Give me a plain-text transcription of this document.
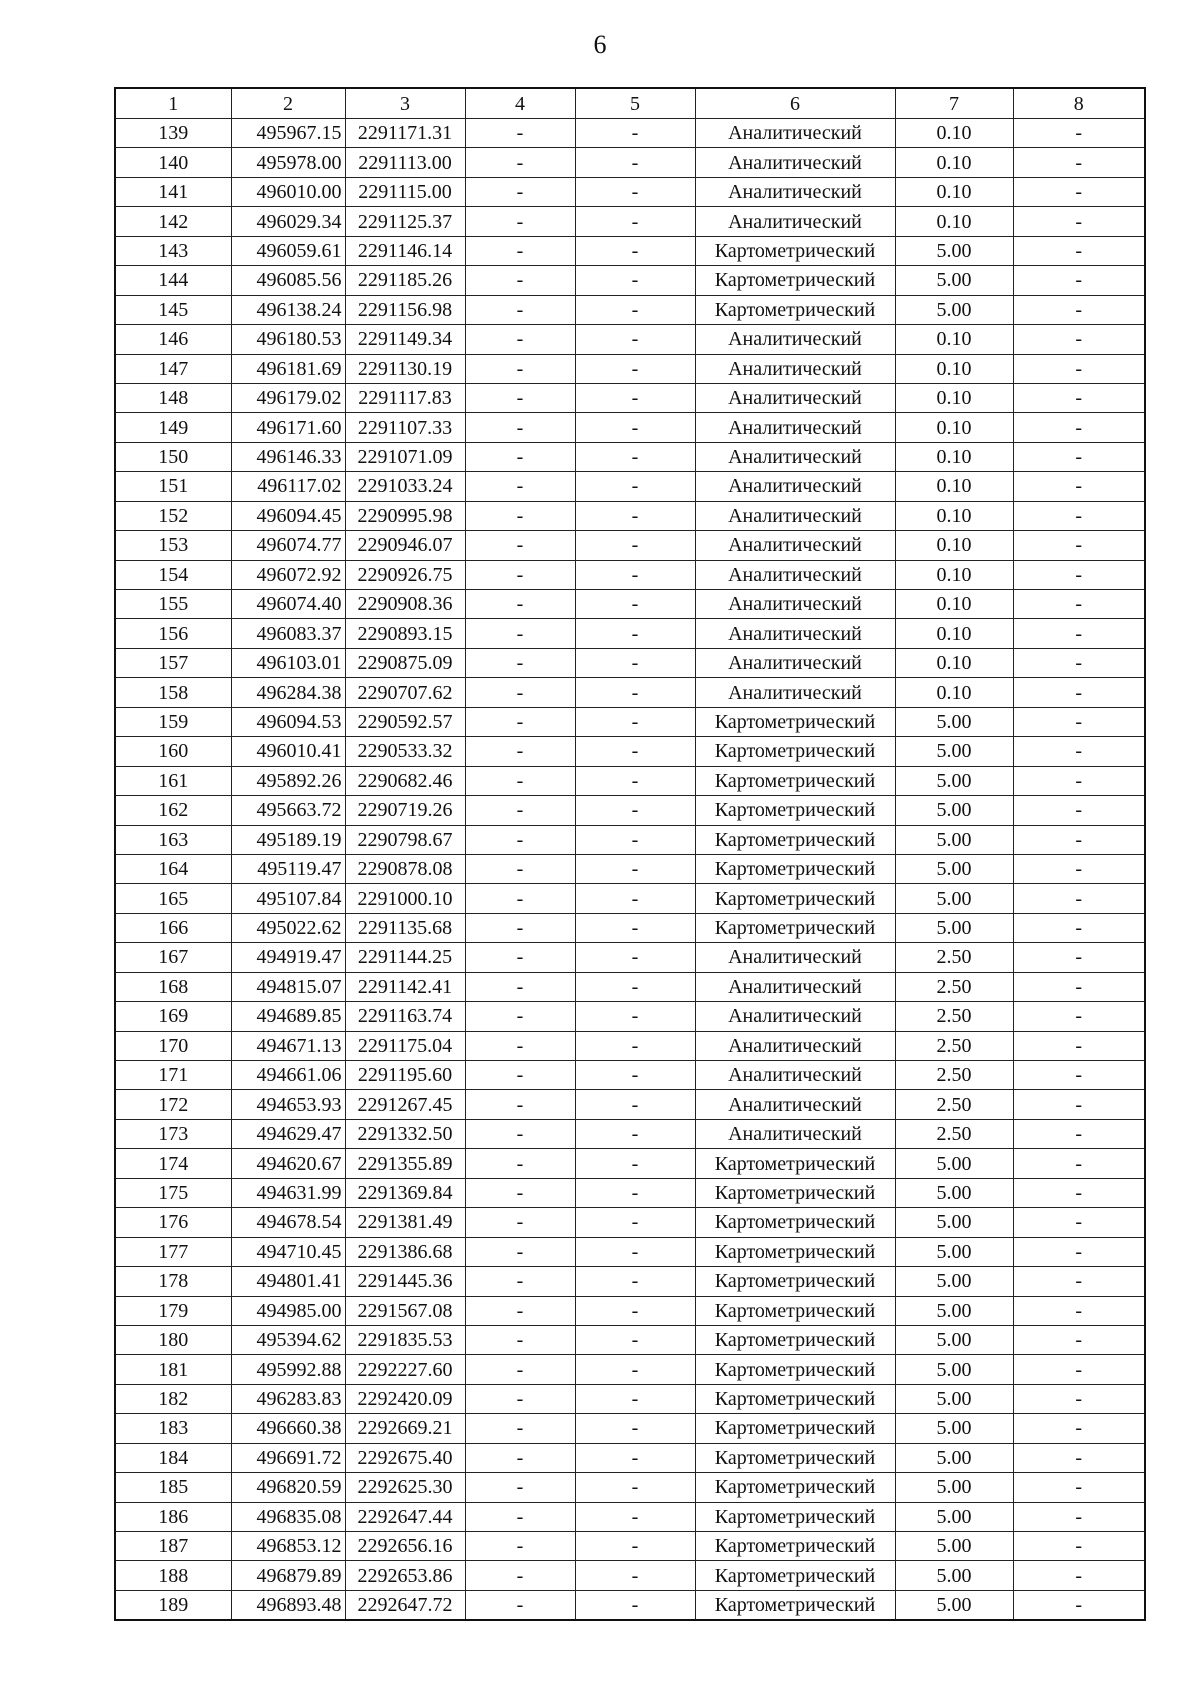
6
1	2	3	4	5	6	7	8
139	495967.15	2291171.31	-	-	Аналитический	0.10	-
140	495978.00	2291113.00	-	-	Аналитический	0.10	-
141	496010.00	2291115.00	-	-	Аналитический	0.10	-
142	496029.34	2291125.37	-	-	Аналитический	0.10	-
143	496059.61	2291146.14	-	-	Картометрический	5.00	-
144	496085.56	2291185.26	-	-	Картометрический	5.00	-
145	496138.24	2291156.98	-	-	Картометрический	5.00	-
146	496180.53	2291149.34	-	-	Аналитический	0.10	-
147	496181.69	2291130.19	-	-	Аналитический	0.10	-
148	496179.02	2291117.83	-	-	Аналитический	0.10	-
149	496171.60	2291107.33	-	-	Аналитический	0.10	-
150	496146.33	2291071.09	-	-	Аналитический	0.10	-
151	496117.02	2291033.24	-	-	Аналитический	0.10	-
152	496094.45	2290995.98	-	-	Аналитический	0.10	-
153	496074.77	2290946.07	-	-	Аналитический	0.10	-
154	496072.92	2290926.75	-	-	Аналитический	0.10	-
155	496074.40	2290908.36	-	-	Аналитический	0.10	-
156	496083.37	2290893.15	-	-	Аналитический	0.10	-
157	496103.01	2290875.09	-	-	Аналитический	0.10	-
158	496284.38	2290707.62	-	-	Аналитический	0.10	-
159	496094.53	2290592.57	-	-	Картометрический	5.00	-
160	496010.41	2290533.32	-	-	Картометрический	5.00	-
161	495892.26	2290682.46	-	-	Картометрический	5.00	-
162	495663.72	2290719.26	-	-	Картометрический	5.00	-
163	495189.19	2290798.67	-	-	Картометрический	5.00	-
164	495119.47	2290878.08	-	-	Картометрический	5.00	-
165	495107.84	2291000.10	-	-	Картометрический	5.00	-
166	495022.62	2291135.68	-	-	Картометрический	5.00	-
167	494919.47	2291144.25	-	-	Аналитический	2.50	-
168	494815.07	2291142.41	-	-	Аналитический	2.50	-
169	494689.85	2291163.74	-	-	Аналитический	2.50	-
170	494671.13	2291175.04	-	-	Аналитический	2.50	-
171	494661.06	2291195.60	-	-	Аналитический	2.50	-
172	494653.93	2291267.45	-	-	Аналитический	2.50	-
173	494629.47	2291332.50	-	-	Аналитический	2.50	-
174	494620.67	2291355.89	-	-	Картометрический	5.00	-
175	494631.99	2291369.84	-	-	Картометрический	5.00	-
176	494678.54	2291381.49	-	-	Картометрический	5.00	-
177	494710.45	2291386.68	-	-	Картометрический	5.00	-
178	494801.41	2291445.36	-	-	Картометрический	5.00	-
179	494985.00	2291567.08	-	-	Картометрический	5.00	-
180	495394.62	2291835.53	-	-	Картометрический	5.00	-
181	495992.88	2292227.60	-	-	Картометрический	5.00	-
182	496283.83	2292420.09	-	-	Картометрический	5.00	-
183	496660.38	2292669.21	-	-	Картометрический	5.00	-
184	496691.72	2292675.40	-	-	Картометрический	5.00	-
185	496820.59	2292625.30	-	-	Картометрический	5.00	-
186	496835.08	2292647.44	-	-	Картометрический	5.00	-
187	496853.12	2292656.16	-	-	Картометрический	5.00	-
188	496879.89	2292653.86	-	-	Картометрический	5.00	-
189	496893.48	2292647.72	-	-	Картометрический	5.00	-
